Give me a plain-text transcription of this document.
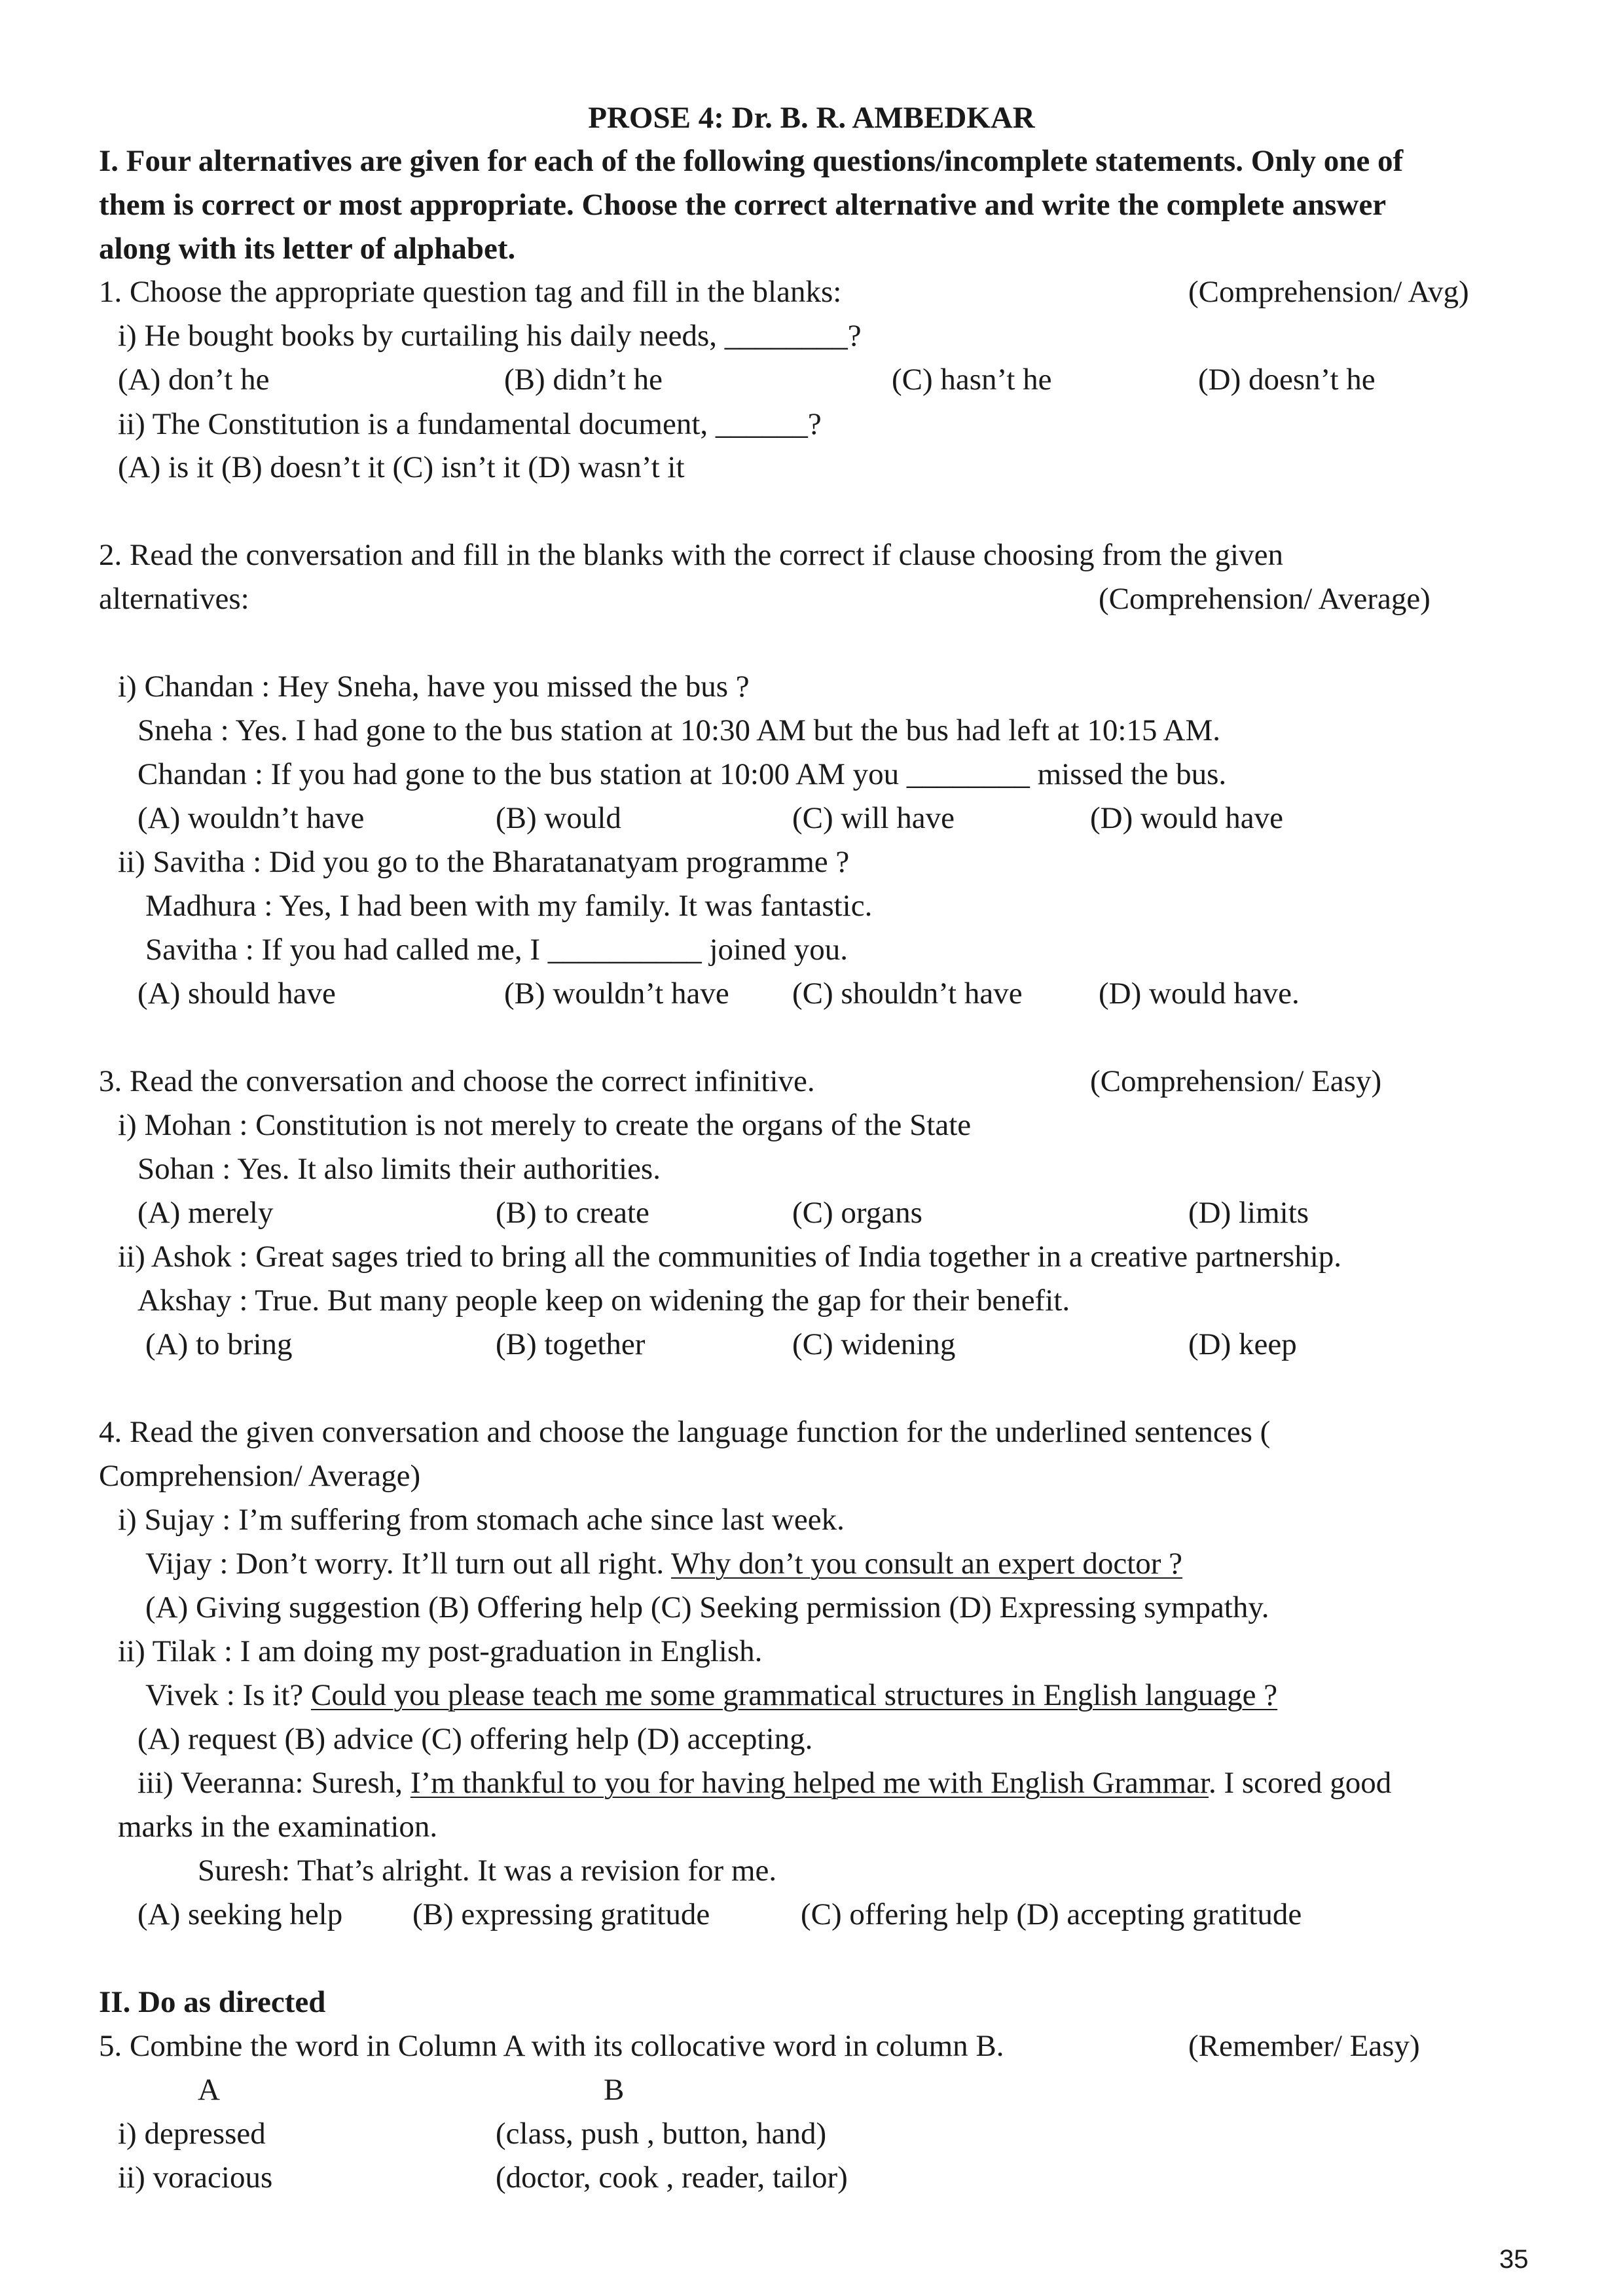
PROSE 4: Dr. B. R. AMBEDKAR
I. Four alternatives are given for each of the following questions/incomplete statements. Only one of
them is correct or most appropriate. Choose the correct alternative and write the complete answer
along with its letter of alphabet.
1. Choose the appropriate question tag and fill in the blanks:	(Comprehension/ Avg)
i) He bought books by curtailing his daily needs, ________?
(A) don’t he	(B) didn’t he	(C) hasn’t he	(D) doesn’t he
ii) The Constitution is a fundamental document, ______?
(A) is it (B) doesn’t it (C) isn’t it (D) wasn’t it
2. Read the conversation and fill in the blanks with the correct if clause choosing from the given
alternatives:	(Comprehension/ Average)
i) Chandan : Hey Sneha, have you missed the bus ?
Sneha : Yes. I had gone to the bus station at 10:30 AM but the bus had left at 10:15 AM.
Chandan : If you had gone to the bus station at 10:00 AM you ________ missed the bus.
(A) wouldn’t have	(B) would	(C) will have	(D) would have
ii) Savitha : Did you go to the Bharatanatyam programme ?
Madhura : Yes, I had been with my family. It was fantastic.
Savitha : If you had called me, I __________ joined you.
(A) should have	(B) wouldn’t have (C) shouldn’t have (D) would have.
3. Read the conversation and choose the correct infinitive.	(Comprehension/ Easy)
i) Mohan : Constitution is not merely to create the organs of the State
Sohan : Yes. It also limits their authorities.
(A) merely	(B) to create	(C) organs	(D) limits
ii) Ashok : Great sages tried to bring all the communities of India together in a creative partnership.
Akshay : True. But many people keep on widening the gap for their benefit.
(A) to bring	(B) together	(C) widening	(D) keep
4. Read the given conversation and choose the language function for the underlined sentences (
Comprehension/ Average)
i) Sujay : I’m suffering from stomach ache since last week.
Vijay : Don’t worry. It’ll turn out all right. Why don’t you consult an expert doctor ?
(A) Giving suggestion (B) Offering help (C) Seeking permission (D) Expressing sympathy.
ii) Tilak : I am doing my post-graduation in English.
Vivek : Is it? Could you please teach me some grammatical structures in English language ?
(A) request (B) advice (C) offering help (D) accepting.
iii) Veeranna: Suresh, I’m thankful to you for having helped me with English Grammar. I scored good
marks in the examination.
Suresh: That’s alright. It was a revision for me.
(A) seeking help (B) expressing gratitude	(C) offering help (D) accepting gratitude
II. Do as directed
5. Combine the word in Column A with its collocative word in column B.	(Remember/ Easy)
A	B
i) depressed	(class, push , button, hand)
ii) voracious	(doctor, cook , reader, tailor)
35
